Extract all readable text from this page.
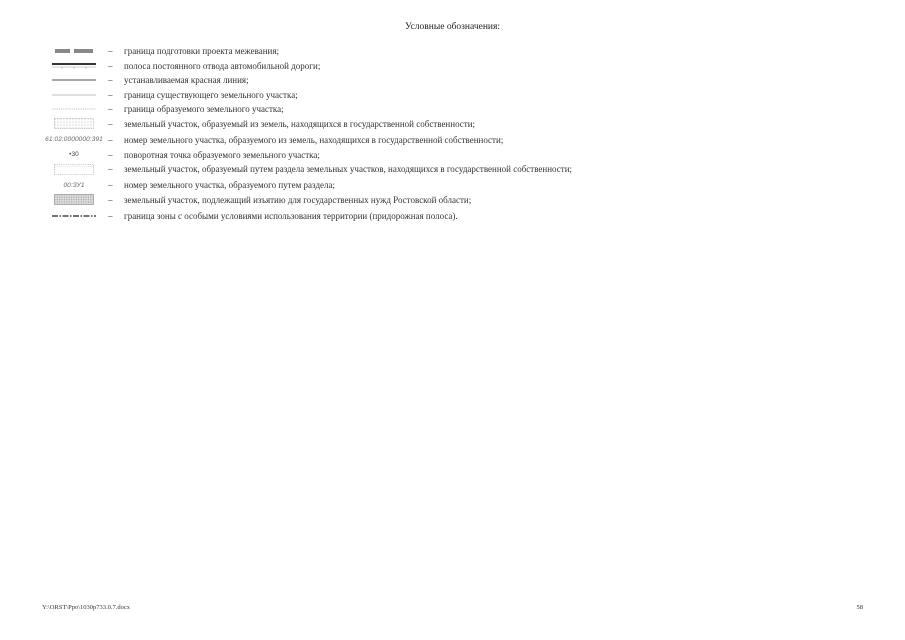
Условные обозначения:
– граница подготовки проекта межевания;
– полоса постоянного отвода автомобильной дороги;
– устанавливаемая красная линия;
– граница существующего земельного участка;
– граница образуемого земельного участка;
– земельный участок, образуемый из земель, находящихся в государственной собственности;
61:02:0000000:391 – номер земельного участка, образуемого из земель, находящихся в государственной собственности;
•30	– поворотная точка образуемого земельного участка;
– земельный участок, образуемый путем раздела земельных участков, находящихся в государственной собственности;
00:ЗУ1	– номер земельного участка, образуемого путем раздела;
– земельный участок, подлежащий изъятию для государственных нужд Ростовской области;
– граница зоны с особыми условиями использования территории (придорожная полоса).
Y:\ORST\Ppo\1030p733.0.7.docx	58
